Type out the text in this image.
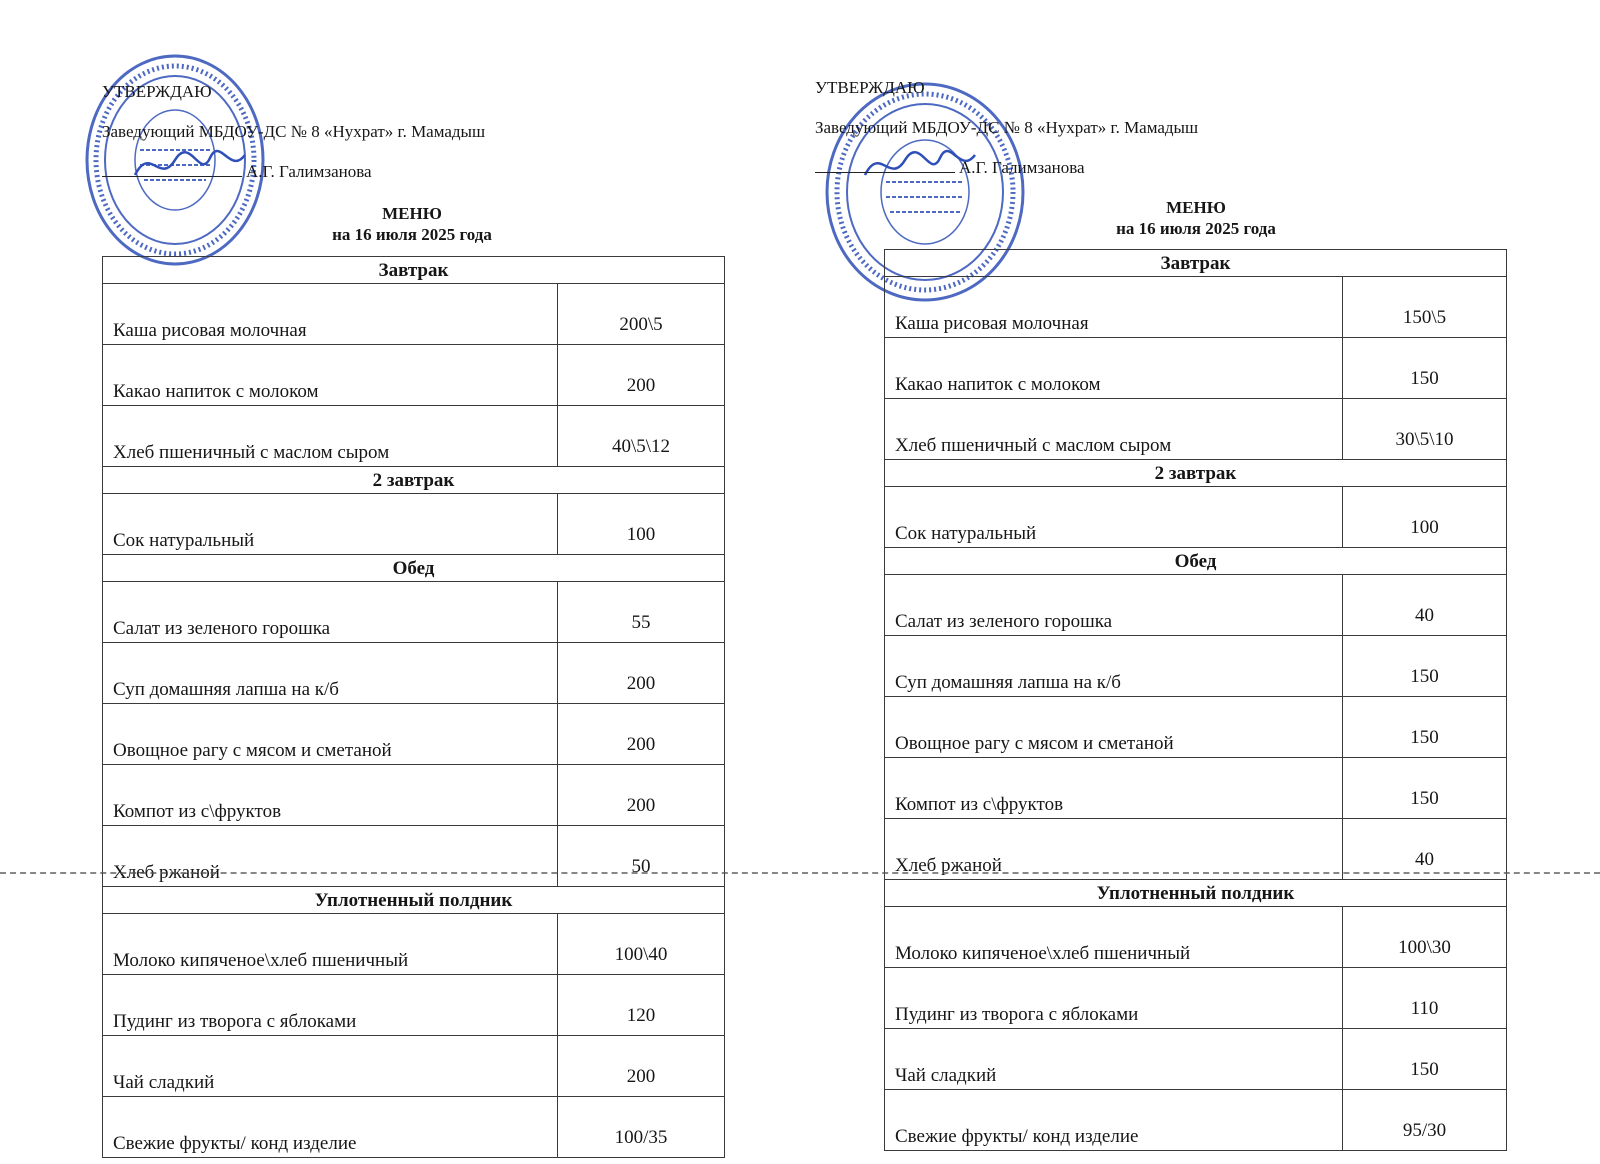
УТВЕРЖДАЮ
Заведующий МБДОУ-ДС № 8 «Нухрат» г. Мамадыш
А.Г. Галимзанова
МЕНЮ
на 16 июля 2025 года
Завтрак	
Каша рисовая молочная	200\5
Какао напиток с молоком	200
Хлеб пшеничный с маслом сыром	40\5\12
2 завтрак	
Сок натуральный	100
Обед	
Салат из зеленого горошка	55
Суп домашняя лапша на к/б	200
Овощное рагу с мясом и сметаной	200
Компот из с\фруктов	200
Хлеб ржаной	50
Уплотненный полдник	
Молоко кипяченое\хлеб пшеничный	100\40
Пудинг из творога с яблоками	120
Чай сладкий	200
Свежие фрукты/ конд изделие	100/35
УТВЕРЖДАЮ
Заведующий МБДОУ-ДС № 8 «Нухрат» г. Мамадыш
А.Г. Галимзанова
МЕНЮ
на 16 июля 2025 года
Завтрак	
Каша рисовая молочная	150\5
Какао напиток с молоком	150
Хлеб пшеничный с маслом сыром	30\5\10
2 завтрак	
Сок натуральный	100
Обед	
Салат из зеленого горошка	40
Суп домашняя лапша на к/б	150
Овощное рагу с мясом и сметаной	150
Компот из с\фруктов	150
Хлеб ржаной	40
Уплотненный полдник	
Молоко кипяченое\хлеб пшеничный	100\30
Пудинг из творога с яблоками	110
Чай сладкий	150
Свежие фрукты/ конд изделие	95/30
